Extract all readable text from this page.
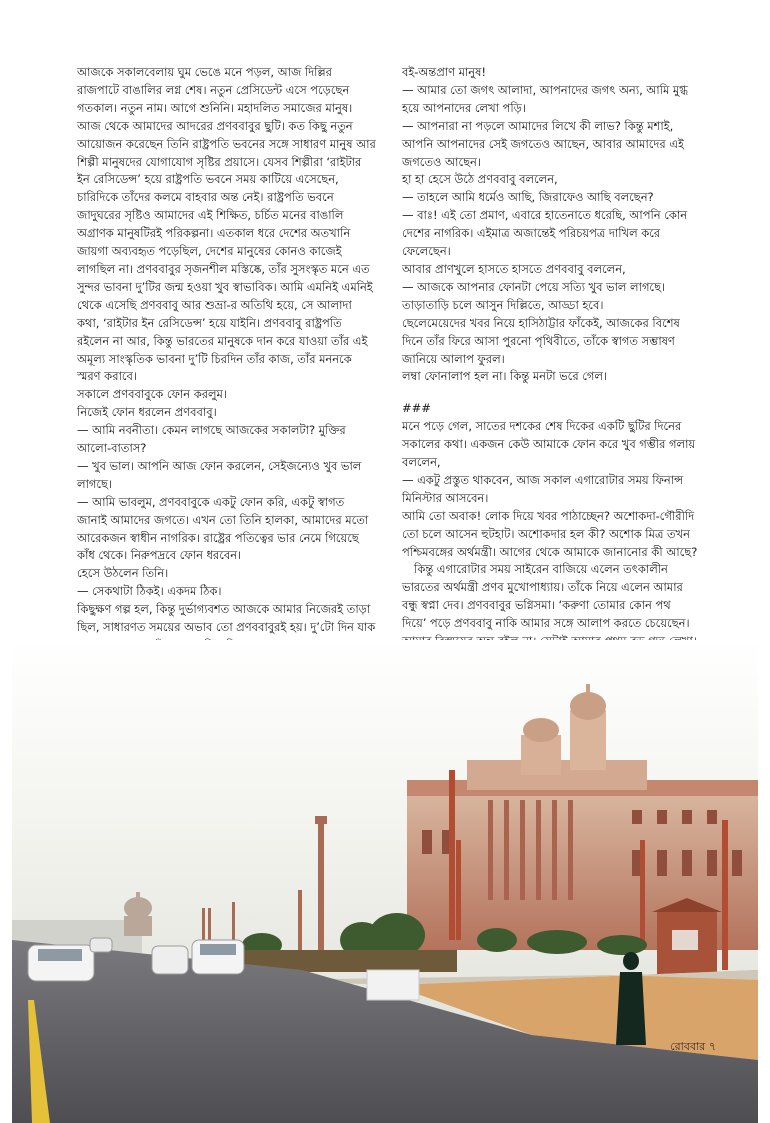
আজকে সকালবেলায় ঘুম ভেঙে মনে পড়ল, আজ দিল্লির রাজপাটে বাঙালির লগ্ন শেষ। নতুন প্রেসিডেন্ট এসে পড়েছেন গতকাল। নতুন নাম। আগে শুনিনি। মহাদলিত সমাজের মানুষ। আজ থেকে আমাদের আদরের প্রণববাবুর ছুটি। কত কিছু নতুন আয়োজন করেছেন তিনি রাষ্ট্রপতি ভবনের সঙ্গে সাধারণ মানুষ আর শিল্পী মানুষদের যোগাযোগ সৃষ্টির প্রয়াসে। যেসব শিল্পীরা ‘রাইটার ইন রেসিডেন্স’ হয়ে রাষ্ট্রপতি ভবনে সময় কাটিয়ে এসেছেন, চারিদিকে তাঁদের কলমে বাহবার অন্ত নেই। রাষ্ট্রপতি ভবনে জাদুঘরের সৃষ্টিও আমাদের এই শিক্ষিত, চর্চিত মনের বাঙালি অগ্রাণক মানুষটিরই পরিকল্পনা। এতকাল ধরে দেশের অতখানি জায়গা অব্যবহৃত পড়েছিল, দেশের মানুষের কোনও কাজেই লাগছিল না। প্রণববাবুর সৃজনশীল মস্তিষ্কে, তাঁর সুসংস্কৃত মনে এত সুন্দর ভাবনা দু’টির জন্ম হওয়া খুব স্বাভাবিক। আমি এমনিই এমনিই থেকে এসেছি প্রণববাবু আর শুভ্রা-র অতিথি হয়ে, সে আলাদা কথা, ‘রাইটার ইন রেসিডেন্স’ হয়ে যাইনি। প্রণববাবু রাষ্ট্রপতি রইলেন না আর, কিন্তু ভারতের মানুষকে দান করে যাওয়া তাঁর এই অমূল্য সাংস্কৃতিক ভাবনা দু’টি চিরদিন তাঁর কাজ, তাঁর মননকে স্মরণ করাবে।

সকালে প্রণববাবুকে ফোন করলুম।

নিজেই ফোন ধরলেন প্রণববাবু।

— আমি নবনীতা। কেমন লাগছে আজকের সকালটা? মুক্তির আলো-বাতাস?

— খুব ভাল। আপনি আজ ফোন করলেন, সেইজন্যেও খুব ভাল লাগছে।

— আমি ভাবলুম, প্রণববাবুকে একটু ফোন করি, একটু স্বাগত জানাই আমাদের জগতে। এখন তো তিনি হালকা, আমাদের মতো আরেকজন স্বাধীন নাগরিক। রাষ্ট্রের পতিত্বের ভার নেমে গিয়েছে কাঁধ থেকে। নিরুপদ্রবে ফোন ধরবেন।

হেসে উঠলেন তিনি।

— সেকথাটা ঠিকই। একদম ঠিক।

কিছুক্ষণ গল্প হল, কিন্তু দুর্ভাগ্যবশত আজকে আমার নিজেরই তাড়া ছিল, সাধারণত সময়ের অভাব তো প্রণববাবুরই হয়। দু’টো দিন যাক

বই-অন্তপ্রাণ মানুষ!

— আমার তো জগৎ আলাদা, আপনাদের জগৎ অন্য, আমি মুগ্ধ হয়ে আপনাদের লেখা পড়ি।

— আপনারা না পড়লে আমাদের লিখে কী লাভ? কিন্তু মশাই, আপনি আপনাদের সেই জগতেও আছেন, আবার আমাদের এই জগতেও আছেন।

হা হা হেসে উঠে প্রণববাবু বললেন,

— তাহলে আমি ধর্মেও আছি, জিরাফেও আছি বলছেন?

— বাঃ! এই তো প্রমাণ, এবারে হাতেনাতে ধরেছি, আপনি কোন দেশের নাগরিক। এইমাত্র অজান্তেই পরিচয়পত্র দাখিল করে ফেলেছেন।

আবার প্রাণখুলে হাসতে হাসতে প্রণববাবু বললেন,

— আজকে আপনার ফোনটা পেয়ে সত্যি খুব ভাল লাগছে। তাড়াতাড়ি চলে আসুন দিল্লিতে, আড্ডা হবে।

ছেলেমেয়েদের খবর নিয়ে হাসিঠাট্টার ফাঁকেই, আজকের বিশেষ দিনে তাঁর ফিরে আসা পুরনো পৃথিবীতে, তাঁকে স্বাগত সম্ভাষণ জানিয়ে আলাপ ফুরল।

লম্বা ফোনালাপ হল না। কিন্তু মনটা ভরে গেল।

###

মনে পড়ে গেল, সাতের দশকের শেষ দিকের একটি ছুটির দিনের সকালের কথা। একজন কেউ আমাকে ফোন করে খুব গম্ভীর গলায় বললেন,

— একটু প্রস্তুত থাকবেন, আজ সকাল এগারোটার সময় ফিনান্স মিনিস্টার আসবেন।

আমি তো অবাক! লোক দিয়ে খবর পাঠাচ্ছেন? অশোকদা-গৌরীদি তো চলে আসেন হুটহাট। অশোকদার হল কী? অশোক মিত্র তখন পশ্চিমবঙ্গের অর্থমন্ত্রী। আগের থেকে আমাকে জানানোর কী আছে?

কিন্তু এগারোটার সময় সাইরেন বাজিয়ে এলেন তৎকালীন ভারতের অর্থমন্ত্রী প্রণব মুখোপাধ্যায়। তাঁকে নিয়ে এলেন আমার বন্ধু স্বপ্না দেব। প্রণববাবুর ভগ্নিসমা। ‘করুণা তোমার কোন পথ দিয়ে’ পড়ে প্রণববাবু নাকি আমার সঙ্গে আলাপ করতে চেয়েছেন।

রোববার ৭
